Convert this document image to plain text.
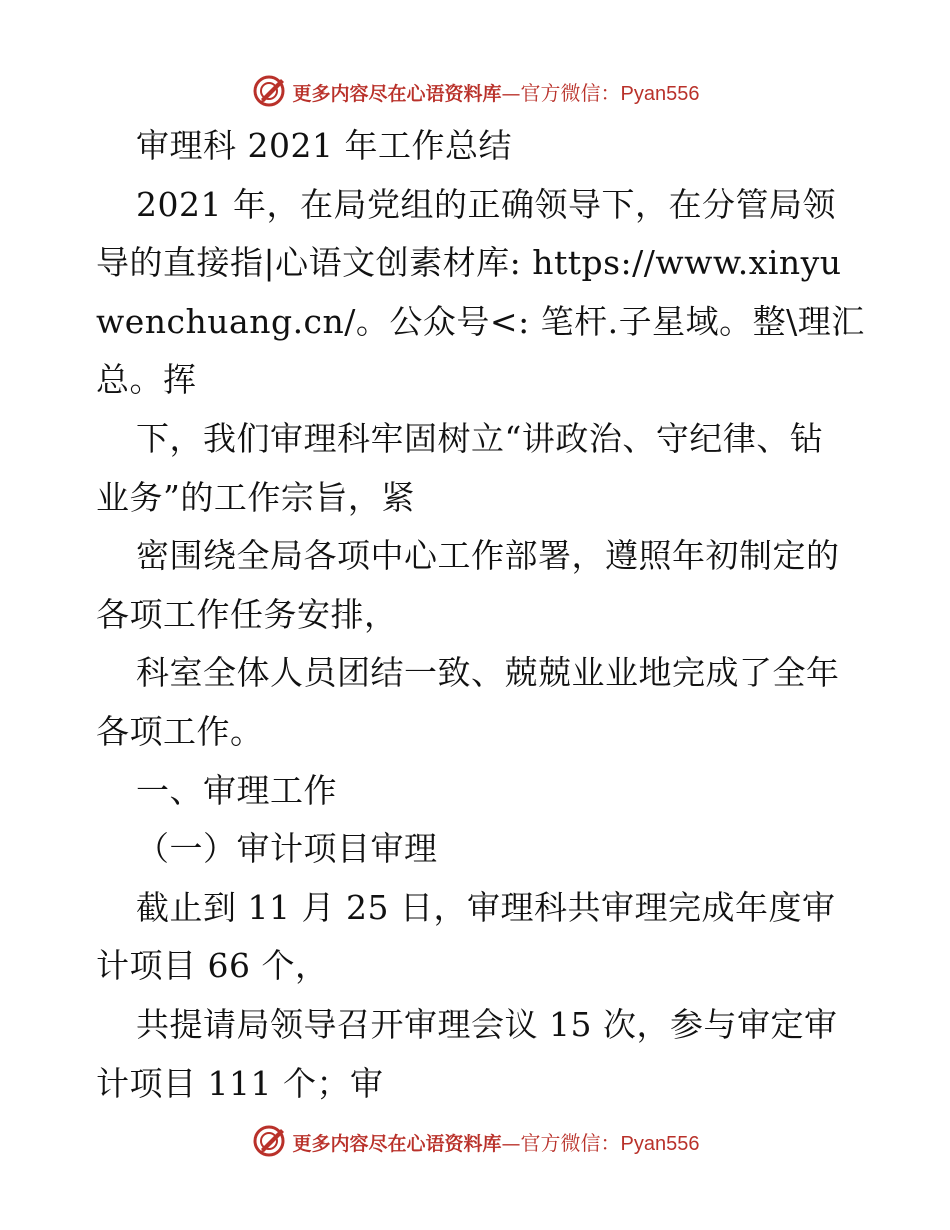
更多内容尽在心语资料库—官方微信：Pyan556
审理科 2021 年工作总结
2021 年，在局党组的正确领导下，在分管局领
导的直接指|心语文创素材库: https://www.xinyu
wenchuang.cn/。公众号<: 笔杆.子星域。整\理汇
总。挥
下，我们审理科牢固树立“讲政治、守纪律、钻
业务”的工作宗旨，紧
密围绕全局各项中心工作部署，遵照年初制定的
各项工作任务安排，
科室全体人员团结一致、兢兢业业地完成了全年
各项工作。
一、审理工作
（一）审计项目审理
截止到 11 月 25 日，审理科共审理完成年度审
计项目 66 个，
共提请局领导召开审理会议 15 次，参与审定审
计项目 111 个；审
更多内容尽在心语资料库—官方微信：Pyan556
